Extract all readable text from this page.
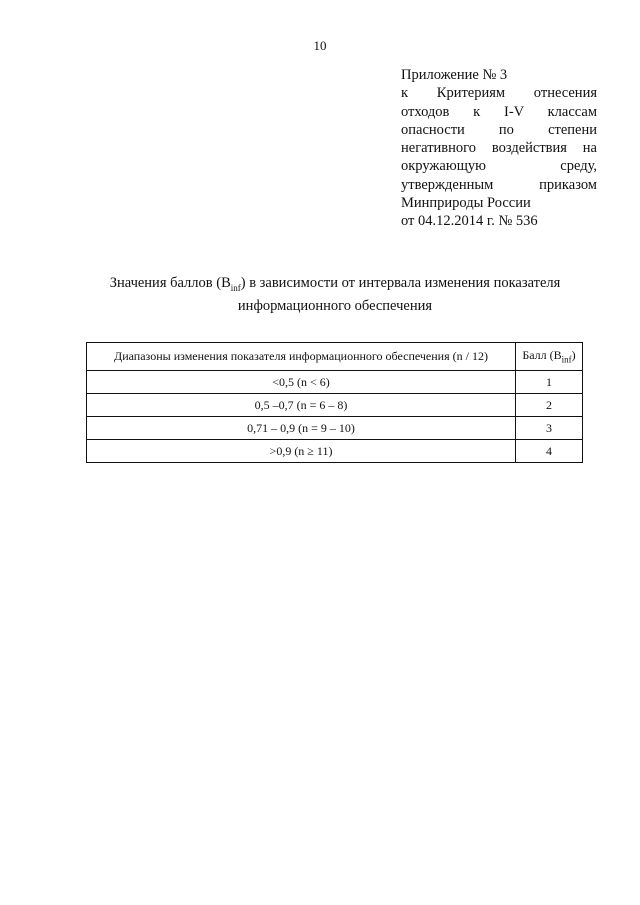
10
Приложение № 3
к Критериям отнесения
отходов к I-V классам
опасности по степени
негативного воздействия на
окружающую среду,
утвержденным приказом
Минприроды России
от 04.12.2014 г. № 536
Значения баллов $(B_{inf})$ в зависимости от интервала изменения показателя
информационного обеспечения
Диапазоны изменения показателя информационного обеспечения (n / 12)	Балл $(B_{inf})$
<0,5 (n < 6)	1
0,5 –0,7 (n = 6 – 8)	2
0,71 – 0,9 (n = 9 – 10)	3
>0,9 (n ≥ 11)	4
